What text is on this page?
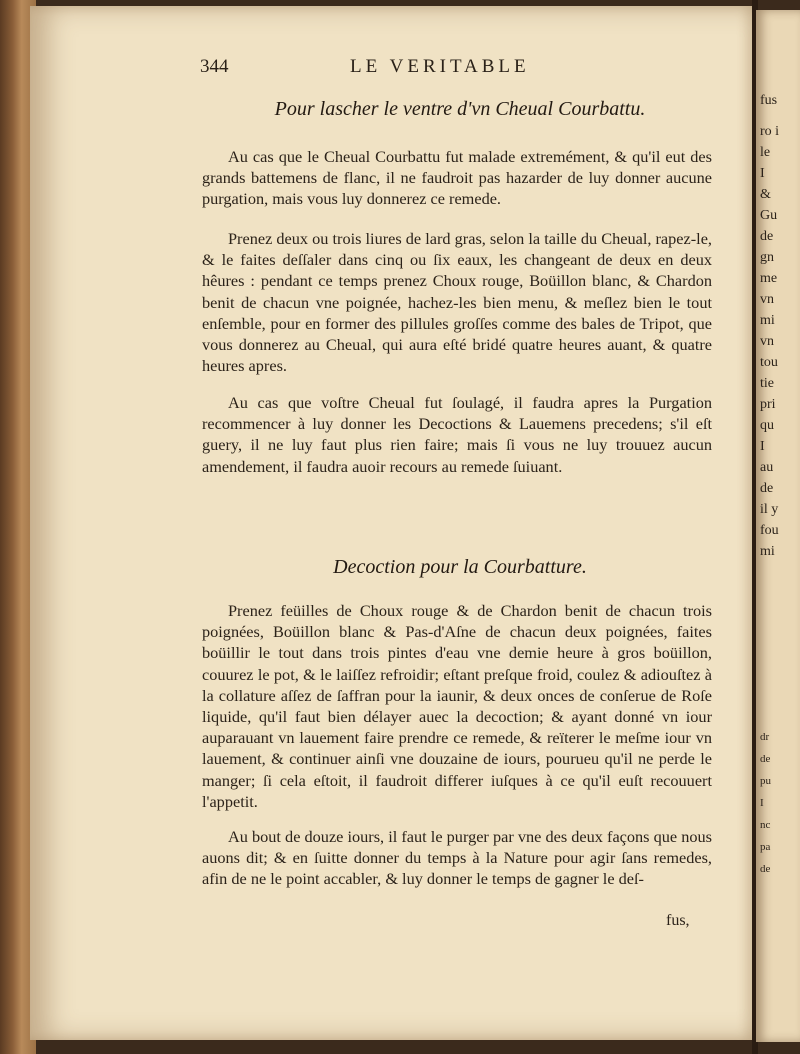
344	LE VERITABLE
Pour lascher le ventre d'vn Cheual Courbattu.

Au cas que le Cheual Courbattu fut malade extremément, & qu'il eut des grands battemens de flanc, il ne faudroit pas hazarder de luy donner aucune purgation, mais vous luy donnerez ce remede.

Prenez deux ou trois liures de lard gras, selon la taille du Cheual, rapez-le, & le faites deſſaler dans cinq ou ſix eaux, les changeant de deux en deux hêures : pendant ce temps prenez Choux rouge, Boüillon blanc, & Chardon benit de chacun vne poignée, hachez-les bien menu, & meſlez bien le tout enſemble, pour en former des pillules groſſes comme des bales de Tripot, que vous donnerez au Cheual, qui aura eſté bridé quatre heures auant, & quatre heures apres.

Au cas que voſtre Cheual fut ſoulagé, il faudra apres la Purgation recommencer à luy donner les Decoctions & Lauemens precedens; s'il eſt guery, il ne luy faut plus rien faire; mais ſi vous ne luy trouuez aucun amendement, il faudra auoir recours au remede ſuiuant.

Decoction pour la Courbatture.

Prenez feüilles de Choux rouge & de Chardon benit de chacun trois poignées, Boüillon blanc & Pas-d'Aſne de chacun deux poignées, faites boüillir le tout dans trois pintes d'eau vne demie heure à gros boüillon, couurez le pot, & le laiſſez refroidir; eſtant preſque froid, coulez & adiouſtez à la collature aſſez de ſaffran pour la iaunir, & deux onces de conſerue de Roſe liquide, qu'il faut bien délayer auec la decoction; & ayant donné vn iour auparauant vn lauement faire prendre ce remede, & reïterer le meſme iour vn lauement, & continuer ainſi vne douzaine de iours, pourueu qu'il ne perde le manger; ſi cela eſtoit, il faudroit differer iuſques à ce qu'il euſt recouuert l'appetit.

Au bout de douze iours, il faut le purger par vne des deux façons que nous auons dit; & en ſuitte donner du temps à la Nature pour agir ſans remedes, afin de ne le point accabler, & luy donner le temps de gagner le deſ-

fus,
fus
ro i
le
I
&
Gu
de
gn
me
vn
mi
vn
tou
tie
pri
qu
I
au
de
il y
fou
mi
dr
de
pu
I
nc
pa
de
